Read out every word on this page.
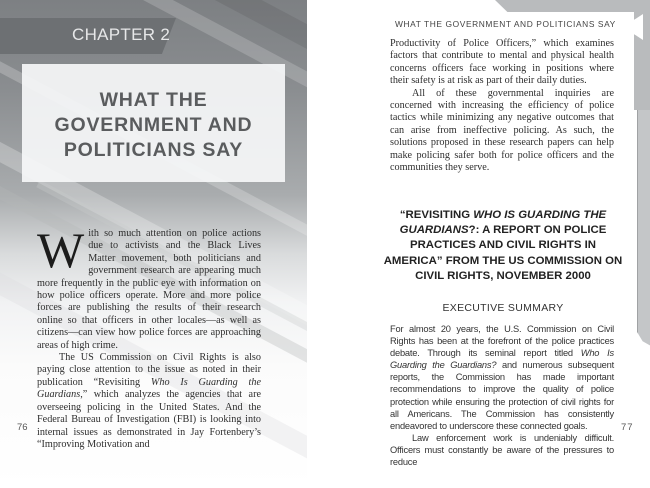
CHAPTER 2
WHAT THE
GOVERNMENT AND
POLITICIANS SAY

With so much attention on police actions due to activists and the Black Lives Matter movement, both politicians and government research are appearing much more frequently in the public eye with information on how police officers operate. More and more police forces are publishing the results of their research online so that officers in other locales—as well as citizens—can view how police forces are approaching areas of high crime.

The US Commission on Civil Rights is also paying close attention to the issue as noted in their publication “Revisiting Who Is Guarding the Guardians,” which analyzes the agencies that are overseeing policing in the United States. And the Federal Bureau of Investigation (FBI) is looking into internal issues as demonstrated in Jay Fortenbery’s “Improving Motivation and

76
WHAT THE GOVERNMENT AND POLITICIANS SAY

Productivity of Police Officers,” which examines factors that contribute to mental and physical health concerns officers face working in positions where their safety is at risk as part of their daily duties.

All of these governmental inquiries are concerned with increasing the efficiency of police tactics while minimizing any negative outcomes that can arise from ineffective policing. As such, the solutions proposed in these research papers can help make policing safer both for police officers and the communities they serve.

“REVISITING WHO IS GUARDING THE GUARDIANS?: A REPORT ON POLICE PRACTICES AND CIVIL RIGHTS IN AMERICA” FROM THE US COMMISSION ON CIVIL RIGHTS, NOVEMBER 2000
EXECUTIVE SUMMARY

For almost 20 years, the U.S. Commission on Civil Rights has been at the forefront of the police practices debate. Through its seminal report titled Who Is Guarding the Guardians? and numerous subsequent reports, the Commission has made important recommendations to improve the quality of police protection while ensuring the protection of civil rights for all Americans. The Commission has consistently endeavored to underscore these connected goals.

Law enforcement work is undeniably difficult. Officers must constantly be aware of the pressures to reduce

77
